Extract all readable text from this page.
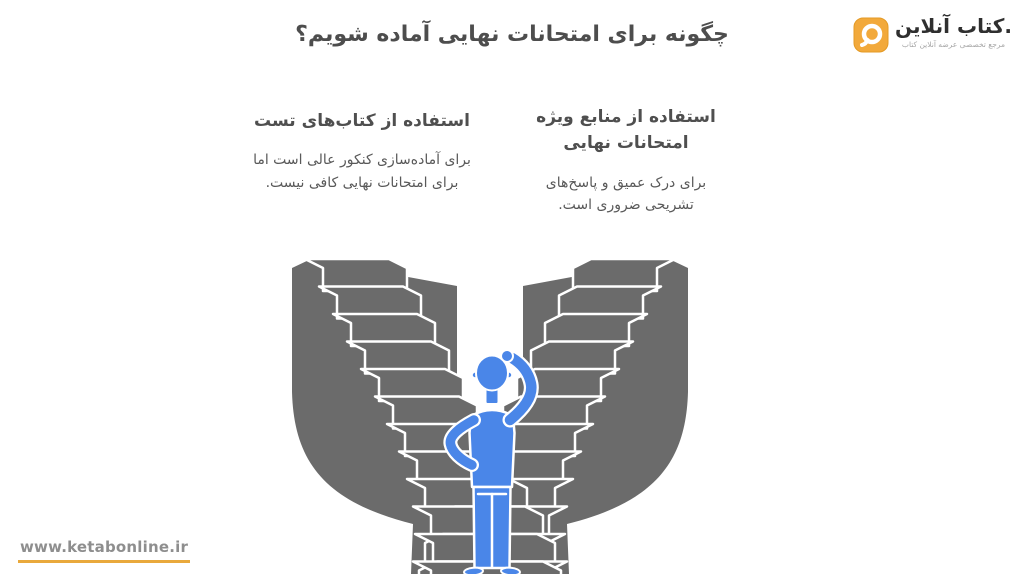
چگونه برای امتحانات نهایی آماده شویم؟	.کتاب آنلاین
مرجع تخصصی عرضه آنلاین کتاب
استفاده از کتاب‌های تست

برای آماده‌سازی کنکور عالی است اما برای امتحانات نهایی کافی نیست.

استفاده از منابع ویژه امتحانات نهایی

برای درک عمیق و پاسخ‌های تشریحی ضروری است.

www.ketabonline.ir
